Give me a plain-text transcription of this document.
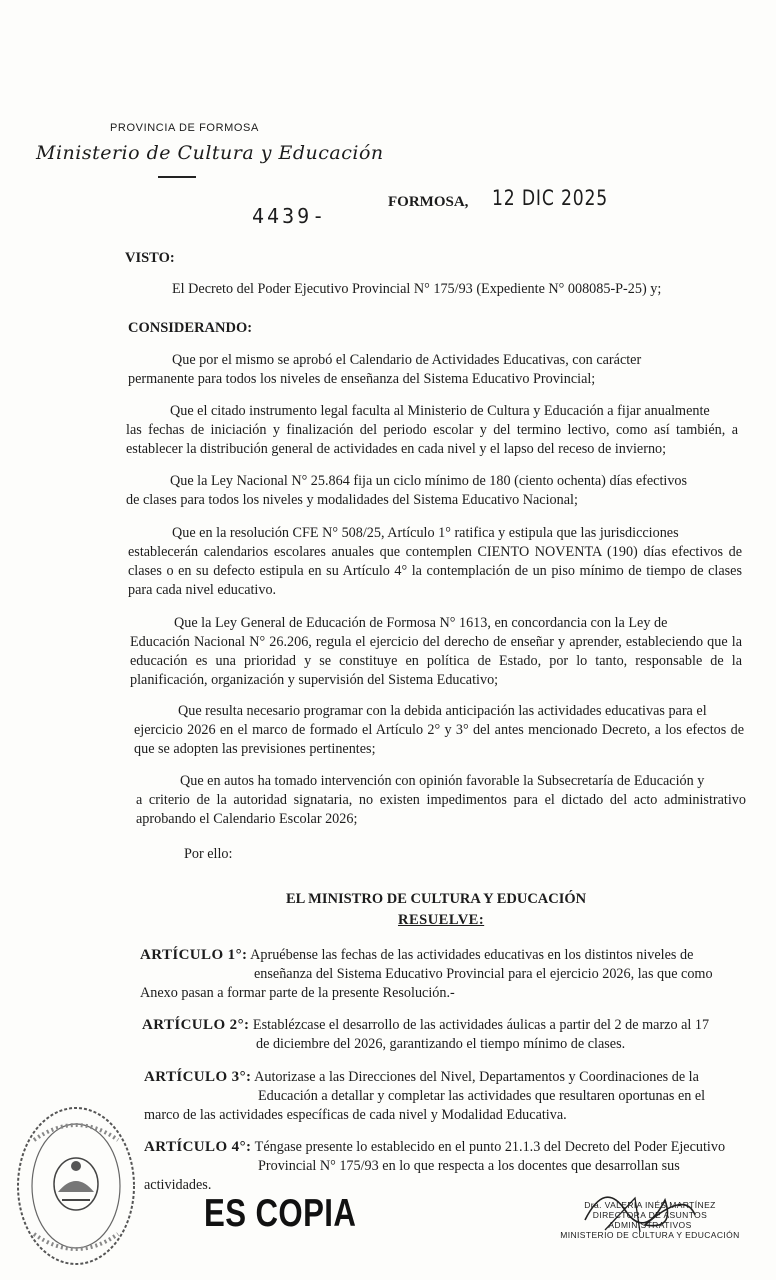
PROVINCIA DE FORMOSA
Ministerio de Cultura y Educación
4439-
FORMOSA, 12 DIC 2025
VISTO:
El Decreto del Poder Ejecutivo Provincial N° 175/93 (Expediente N° 008085-P-25) y;
CONSIDERANDO:
Que por el mismo se aprobó el Calendario de Actividades Educativas, con carácter
permanente para todos los niveles de enseñanza del Sistema Educativo Provincial;
Que el citado instrumento legal faculta al Ministerio de Cultura y Educación a fijar anualmente
las fechas de iniciación y finalización del periodo escolar y del termino lectivo, como así también, a establecer la distribución general de actividades en cada nivel y el lapso del receso de invierno;
Que la Ley Nacional N° 25.864 fija un ciclo mínimo de 180 (ciento ochenta) días efectivos
de clases para todos los niveles y modalidades del Sistema Educativo Nacional;
Que en la resolución CFE N° 508/25, Artículo 1° ratifica y estipula que las jurisdicciones
establecerán calendarios escolares anuales que contemplen CIENTO NOVENTA (190) días efectivos de clases o en su defecto estipula en su Artículo 4° la contemplación de un piso mínimo de tiempo de clases para cada nivel educativo.
Que la Ley General de Educación de Formosa N° 1613, en concordancia con la Ley de
Educación Nacional N° 26.206, regula el ejercicio del derecho de enseñar y aprender, estableciendo que la educación es una prioridad y se constituye en política de Estado, por lo tanto, responsable de la planificación, organización y supervisión del Sistema Educativo;
Que resulta necesario programar con la debida anticipación las actividades educativas para el
ejercicio 2026 en el marco de formado el Artículo 2° y 3° del antes mencionado Decreto, a los efectos de que se adopten las previsiones pertinentes;
Que en autos ha tomado intervención con opinión favorable la Subsecretaría de Educación y
a criterio de la autoridad signataria, no existen impedimentos para el dictado del acto administrativo aprobando el Calendario Escolar 2026;
Por ello:
EL MINISTRO DE CULTURA Y EDUCACIÓN
RESUELVE:
ARTÍCULO 1°: Apruébense las fechas de las actividades educativas en los distintos niveles de
enseñanza del Sistema Educativo Provincial para el ejercicio 2026, las que como
Anexo pasan a formar parte de la presente Resolución.-
ARTÍCULO 2°: Establézcase el desarrollo de las actividades áulicas a partir del 2 de marzo al 17
de diciembre del 2026, garantizando el tiempo mínimo de clases.
ARTÍCULO 3°: Autorizase a las Direcciones del Nivel, Departamentos y Coordinaciones de la
Educación a detallar y completar las actividades que resultaren oportunas en el
marco de las actividades específicas de cada nivel y Modalidad Educativa.
ARTÍCULO 4°: Téngase presente lo establecido en el punto 21.1.3 del Decreto del Poder Ejecutivo
Provincial N° 175/93 en lo que respecta a los docentes que desarrollan sus
actividades.
ES COPIA	Dra. VALERIA INÉS MARTÍNEZ
DIRECTORA DE ASUNTOS
ADMINISTRATIVOS
MINISTERIO DE CULTURA Y EDUCACIÓN
